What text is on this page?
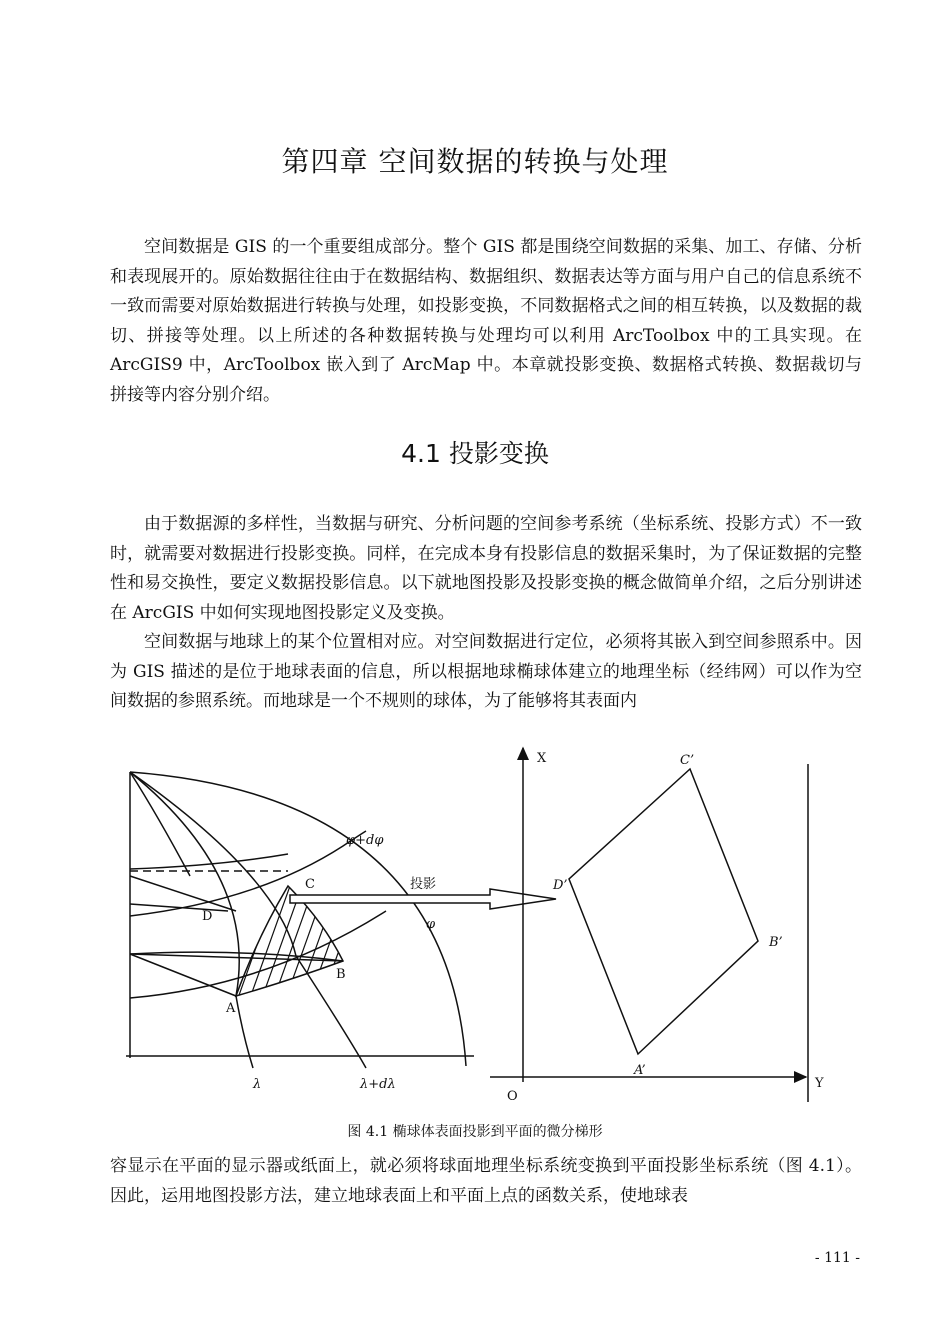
第四章 空间数据的转换与处理

空间数据是 GIS 的一个重要组成部分。整个 GIS 都是围绕空间数据的采集、加工、存储、分析和表现展开的。原始数据往往由于在数据结构、数据组织、数据表达等方面与用户自己的信息系统不一致而需要对原始数据进行转换与处理，如投影变换，不同数据格式之间的相互转换，以及数据的裁切、拼接等处理。以上所述的各种数据转换与处理均可以利用 ArcToolbox 中的工具实现。在 ArcGIS9 中，ArcToolbox 嵌入到了 ArcMap 中。本章就投影变换、数据格式转换、数据裁切与拼接等内容分别介绍。

4.1 投影变换

由于数据源的多样性，当数据与研究、分析问题的空间参考系统（坐标系统、投影方式）不一致时，就需要对数据进行投影变换。同样，在完成本身有投影信息的数据采集时，为了保证数据的完整性和易交换性，要定义数据投影信息。以下就地图投影及投影变换的概念做简单介绍，之后分别讲述在 ArcGIS 中如何实现地图投影定义及变换。

空间数据与地球上的某个位置相对应。对空间数据进行定位，必须将其嵌入到空间参照系中。因为 GIS 描述的是位于地球表面的信息，所以根据地球椭球体建立的地理坐标（经纬网）可以作为空间数据的参照系统。而地球是一个不规则的球体，为了能够将其表面内

φ+dφ
φ
C
D
B
A
λ	λ+dλ
投影
X
Y
O
C’
D’
B’
A’
图 4.1 椭球体表面投影到平面的微分梯形

容显示在平面的显示器或纸面上，就必须将球面地理坐标系统变换到平面投影坐标系统（图 4.1）。因此，运用地图投影方法，建立地球表面上和平面上点的函数关系，使地球表

- 111 -
